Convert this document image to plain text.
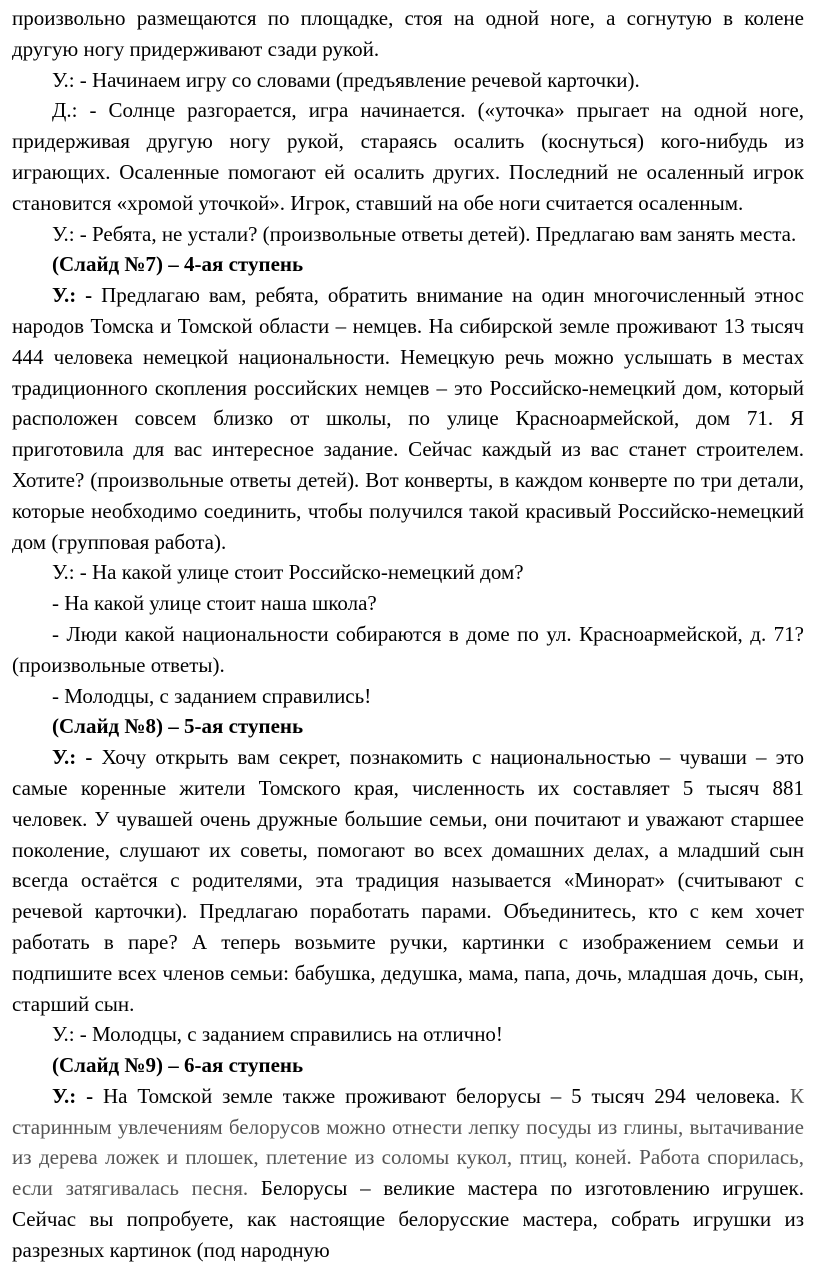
произвольно размещаются по площадке, стоя на одной ноге, а согнутую в колене другую ногу придерживают сзади рукой.

У.: - Начинаем игру со словами (предъявление речевой карточки).

Д.: - Солнце разгорается, игра начинается. («уточка» прыгает на одной ноге, придерживая другую ногу рукой, стараясь осалить (коснуться) кого-нибудь из играющих. Осаленные помогают ей осалить других. Последний не осаленный игрок становится «хромой уточкой». Игрок, ставший на обе ноги считается осаленным.

У.: - Ребята, не устали? (произвольные ответы детей). Предлагаю вам занять места.

(Слайд №7) – 4-ая ступень

У.: - Предлагаю вам, ребята, обратить внимание на один многочисленный этнос народов Томска и Томской области – немцев. На сибирской земле проживают 13 тысяч 444 человека немецкой национальности. Немецкую речь можно услышать в местах традиционного скопления российских немцев – это Российско-немецкий дом, который расположен совсем близко от школы, по улице Красноармейской, дом 71. Я приготовила для вас интересное задание. Сейчас каждый из вас станет строителем. Хотите? (произвольные ответы детей). Вот конверты, в каждом конверте по три детали, которые необходимо соединить, чтобы получился такой красивый Российско-немецкий дом (групповая работа).

У.: - На какой улице стоит Российско-немецкий дом?

- На какой улице стоит наша школа?

- Люди какой национальности собираются в доме по ул. Красноармейской, д. 71? (произвольные ответы).

- Молодцы, с заданием справились!

(Слайд №8) – 5-ая ступень

У.: - Хочу открыть вам секрет, познакомить с национальностью – чуваши – это самые коренные жители Томского края, численность их составляет 5 тысяч 881 человек. У чувашей очень дружные большие семьи, они почитают и уважают старшее поколение, слушают их советы, помогают во всех домашних делах, а младший сын всегда остаётся с родителями, эта традиция называется «Минорат» (считывают с речевой карточки). Предлагаю поработать парами. Объединитесь, кто с кем хочет работать в паре? А теперь возьмите ручки, картинки с изображением семьи и подпишите всех членов семьи: бабушка, дедушка, мама, папа, дочь, младшая дочь, сын, старший сын.

У.: - Молодцы, с заданием справились на отлично!

(Слайд №9) – 6-ая ступень

У.: - На Томской земле также проживают белорусы – 5 тысяч 294 человека. К старинным увлечениям белорусов можно отнести лепку посуды из глины, вытачивание из дерева ложек и плошек, плетение из соломы кукол, птиц, коней. Работа спорилась, если затягивалась песня. Белорусы – великие мастера по изготовлению игрушек. Сейчас вы попробуете, как настоящие белорусские мастера, собрать игрушки из разрезных картинок (под народную
